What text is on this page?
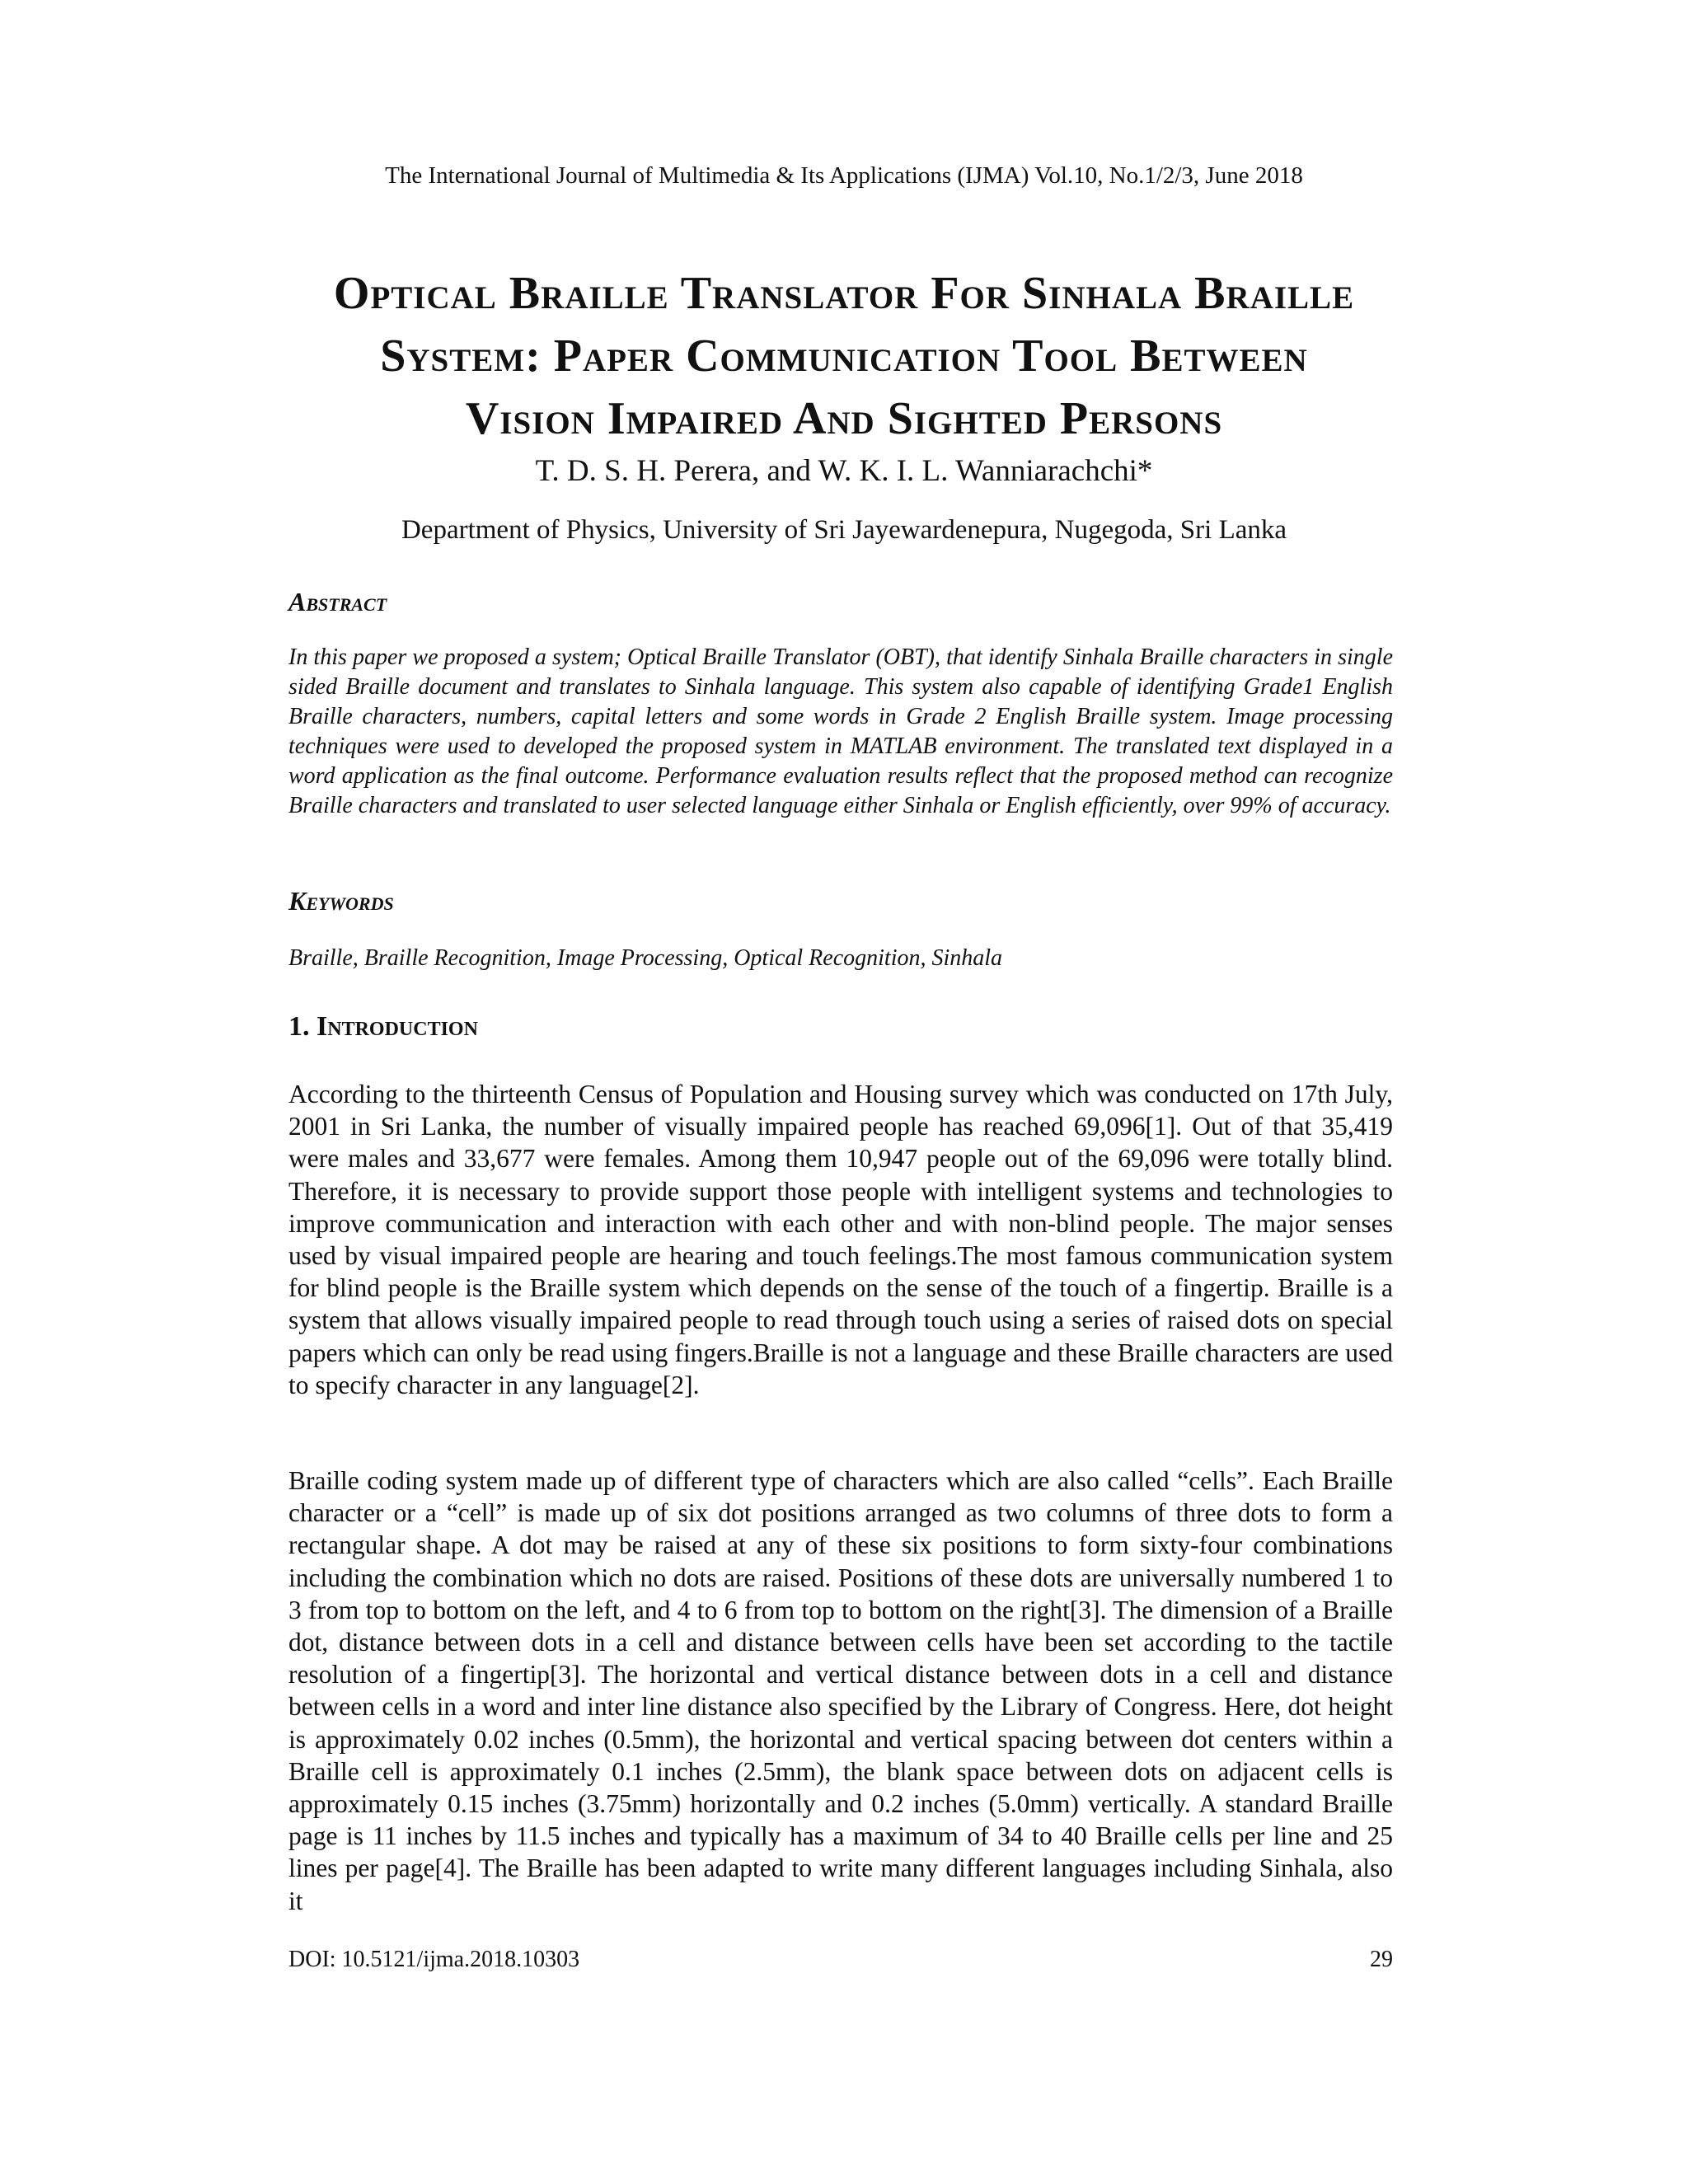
The International Journal of Multimedia & Its Applications (IJMA) Vol.10, No.1/2/3, June 2018
Optical Braille Translator For Sinhala Braille
System: Paper Communication Tool Between
Vision Impaired And Sighted Persons
T. D. S. H. Perera, and W. K. I. L. Wanniarachchi*
Department of Physics, University of Sri Jayewardenepura, Nugegoda, Sri Lanka
Abstract
In this paper we proposed a system; Optical Braille Translator (OBT), that identify Sinhala Braille characters in single sided Braille document and translates to Sinhala language. This system also capable of identifying Grade1 English Braille characters, numbers, capital letters and some words in Grade 2 English Braille system. Image processing techniques were used to developed the proposed system in MATLAB environment. The translated text displayed in a word application as the final outcome. Performance evaluation results reflect that the proposed method can recognize Braille characters and translated to user selected language either Sinhala or English efficiently, over 99% of accuracy.
Keywords
Braille, Braille Recognition, Image Processing, Optical Recognition, Sinhala
1. Introduction
According to the thirteenth Census of Population and Housing survey which was conducted on 17th July, 2001 in Sri Lanka, the number of visually impaired people has reached 69,096[1]. Out of that 35,419 were males and 33,677 were females. Among them 10,947 people out of the 69,096 were totally blind. Therefore, it is necessary to provide support those people with intelligent systems and technologies to improve communication and interaction with each other and with non-blind people. The major senses used by visual impaired people are hearing and touch feelings.The most famous communication system for blind people is the Braille system which depends on the sense of the touch of a fingertip. Braille is a system that allows visually impaired people to read through touch using a series of raised dots on special papers which can only be read using fingers.Braille is not a language and these Braille characters are used to specify character in any language[2].
Braille coding system made up of different type of characters which are also called “cells”. Each Braille character or a “cell” is made up of six dot positions arranged as two columns of three dots to form a rectangular shape. A dot may be raised at any of these six positions to form sixty-four combinations including the combination which no dots are raised. Positions of these dots are universally numbered 1 to 3 from top to bottom on the left, and 4 to 6 from top to bottom on the right[3]. The dimension of a Braille dot, distance between dots in a cell and distance between cells have been set according to the tactile resolution of a fingertip[3]. The horizontal and vertical distance between dots in a cell and distance between cells in a word and inter line distance also specified by the Library of Congress. Here, dot height is approximately 0.02 inches (0.5mm), the horizontal and vertical spacing between dot centers within a Braille cell is approximately 0.1 inches (2.5mm), the blank space between dots on adjacent cells is approximately 0.15 inches (3.75mm) horizontally and 0.2 inches (5.0mm) vertically. A standard Braille page is 11 inches by 11.5 inches and typically has a maximum of 34 to 40 Braille cells per line and 25 lines per page[4]. The Braille has been adapted to write many different languages including Sinhala, also it
DOI: 10.5121/ijma.2018.10303	29
